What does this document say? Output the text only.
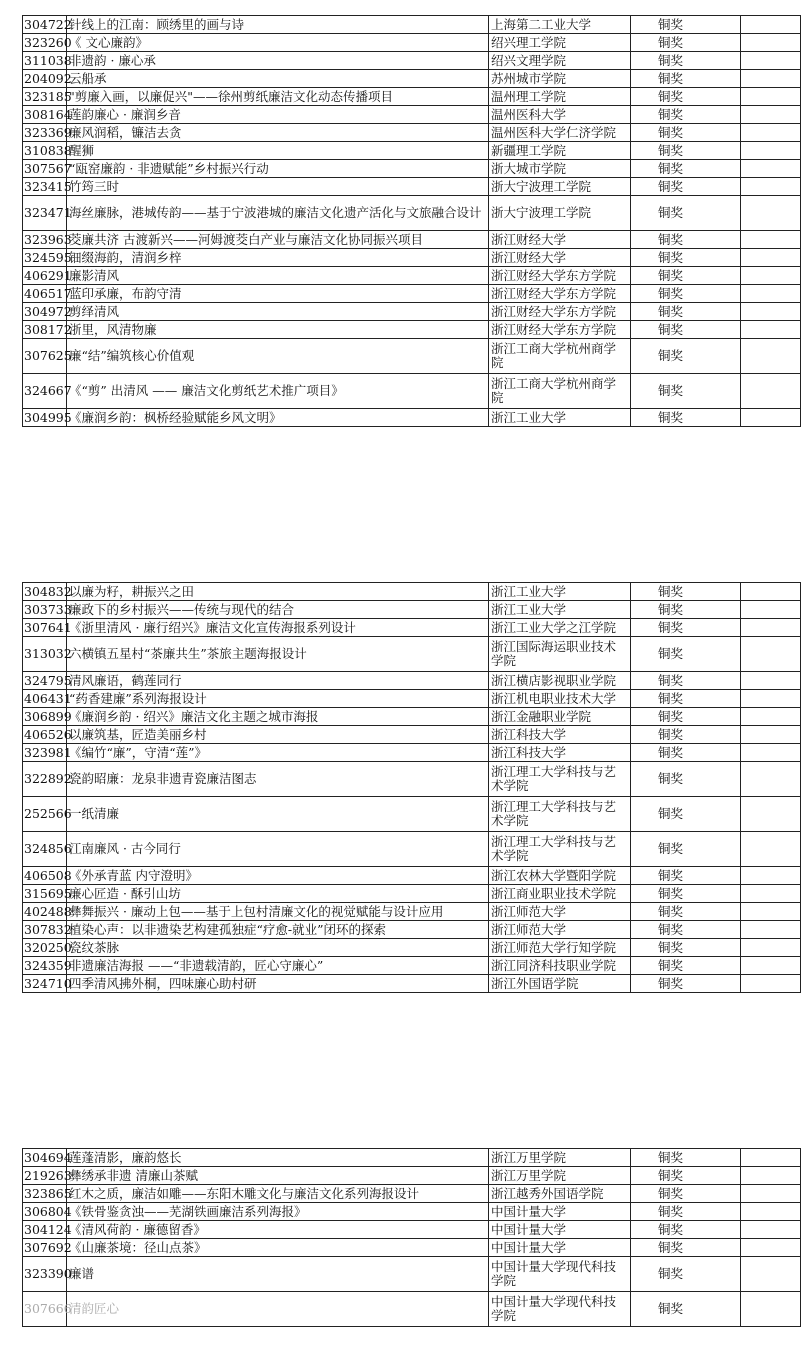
304722	针线上的江南：顾绣里的画与诗	上海第二工业大学	铜奖	
323260	《 文心廉韵》	绍兴理工学院	铜奖	
311038	非遗韵 · 廉心承	绍兴文理学院	铜奖	
204092	云船承	苏州城市学院	铜奖	
323185	"剪廉入画，以廉促兴"——徐州剪纸廉洁文化动态传播项目	温州理工学院	铜奖	
308164	莲韵廉心 · 廉润乡音	温州医科大学	铜奖	
323369	廉风润稻，镰洁去贪	温州医科大学仁济学院	铜奖	
310838	醒狮	新疆理工学院	铜奖	
307567	“瓯窑廉韵 · 非遗赋能”乡村振兴行动	浙大城市学院	铜奖	
323415	竹筠三时	浙大宁波理工学院	铜奖	
323471	海丝廉脉，港城传韵——基于宁波港城的廉洁文化遗产活化与文旅融合设计	浙大宁波理工学院	铜奖	
323963	茭廉共济 古渡新兴——河姆渡茭白产业与廉洁文化协同振兴项目	浙江财经大学	铜奖	
324595	钿缀海韵，清润乡梓	浙江财经大学	铜奖	
406291	廉影清风	浙江财经大学东方学院	铜奖	
406517	蓝印承廉，布韵守清	浙江财经大学东方学院	铜奖	
304972	剪绎清风	浙江财经大学东方学院	铜奖	
308172	浙里，风清物廉	浙江财经大学东方学院	铜奖	
307625	廉“结”编筑核心价值观	浙江工商大学杭州商学院	铜奖	
324667	《“剪” 出清风 —— 廉洁文化剪纸艺术推广项目》	浙江工商大学杭州商学院	铜奖	
304995	《廉润乡韵：枫桥经验赋能乡风文明》	浙江工业大学	铜奖	
304832	以廉为籽，耕振兴之田	浙江工业大学	铜奖	
303733	廉政下的乡村振兴——传统与现代的结合	浙江工业大学	铜奖	
307641	《浙里清风 · 廉行绍兴》廉洁文化宣传海报系列设计	浙江工业大学之江学院	铜奖	
313032	六横镇五星村“茶廉共生”茶旅主题海报设计	浙江国际海运职业技术学院	铜奖	
324795	清风廉语，鹤莲同行	浙江横店影视职业学院	铜奖	
406431	“药香建廉”系列海报设计	浙江机电职业技术大学	铜奖	
306899	《廉润乡韵 · 绍兴》廉洁文化主题之城市海报	浙江金融职业学院	铜奖	
406526	以廉筑基，匠造美丽乡村	浙江科技大学	铜奖	
323981	《编竹“廉”，守清“莲”》	浙江科技大学	铜奖	
322892	瓷韵昭廉：龙泉非遗青瓷廉洁图志	浙江理工大学科技与艺术学院	铜奖	
252566	一纸清廉	浙江理工大学科技与艺术学院	铜奖	
324856	江南廉风 · 古今同行	浙江理工大学科技与艺术学院	铜奖	
406508	《外承青蓝 内守澄明》	浙江农林大学暨阳学院	铜奖	
315695	廉心匠造 · 酥引山坊	浙江商业职业技术学院	铜奖	
402488	彝舞振兴 · 廉动上包——基于上包村清廉文化的视觉赋能与设计应用	浙江师范大学	铜奖	
307832	植染心声：以非遗染艺构建孤独症“疗愈-就业”闭环的探索	浙江师范大学	铜奖	
320250	瓷纹茶脉	浙江师范大学行知学院	铜奖	
324359	非遗廉洁海报 ——“非遗载清韵，匠心守廉心”	浙江同济科技职业学院	铜奖	
324710	四季清风拂外桐，四味廉心助村研	浙江外国语学院	铜奖	
304694	莲蓬清影，廉韵悠长	浙江万里学院	铜奖	
219263	彝绣承非遗 清廉山茶赋	浙江万里学院	铜奖	
323865	红木之质，廉洁如雕——东阳木雕文化与廉洁文化系列海报设计	浙江越秀外国语学院	铜奖	
306804	《铁骨鉴贪浊——芜湖铁画廉洁系列海报》	中国计量大学	铜奖	
304124	《清风荷韵 · 廉德留香》	中国计量大学	铜奖	
307692	《山廉茶境：径山点茶》	中国计量大学	铜奖	
323390	廉谱	中国计量大学现代科技学院	铜奖	
307666	清韵匠心	中国计量大学现代科技学院	铜奖	
